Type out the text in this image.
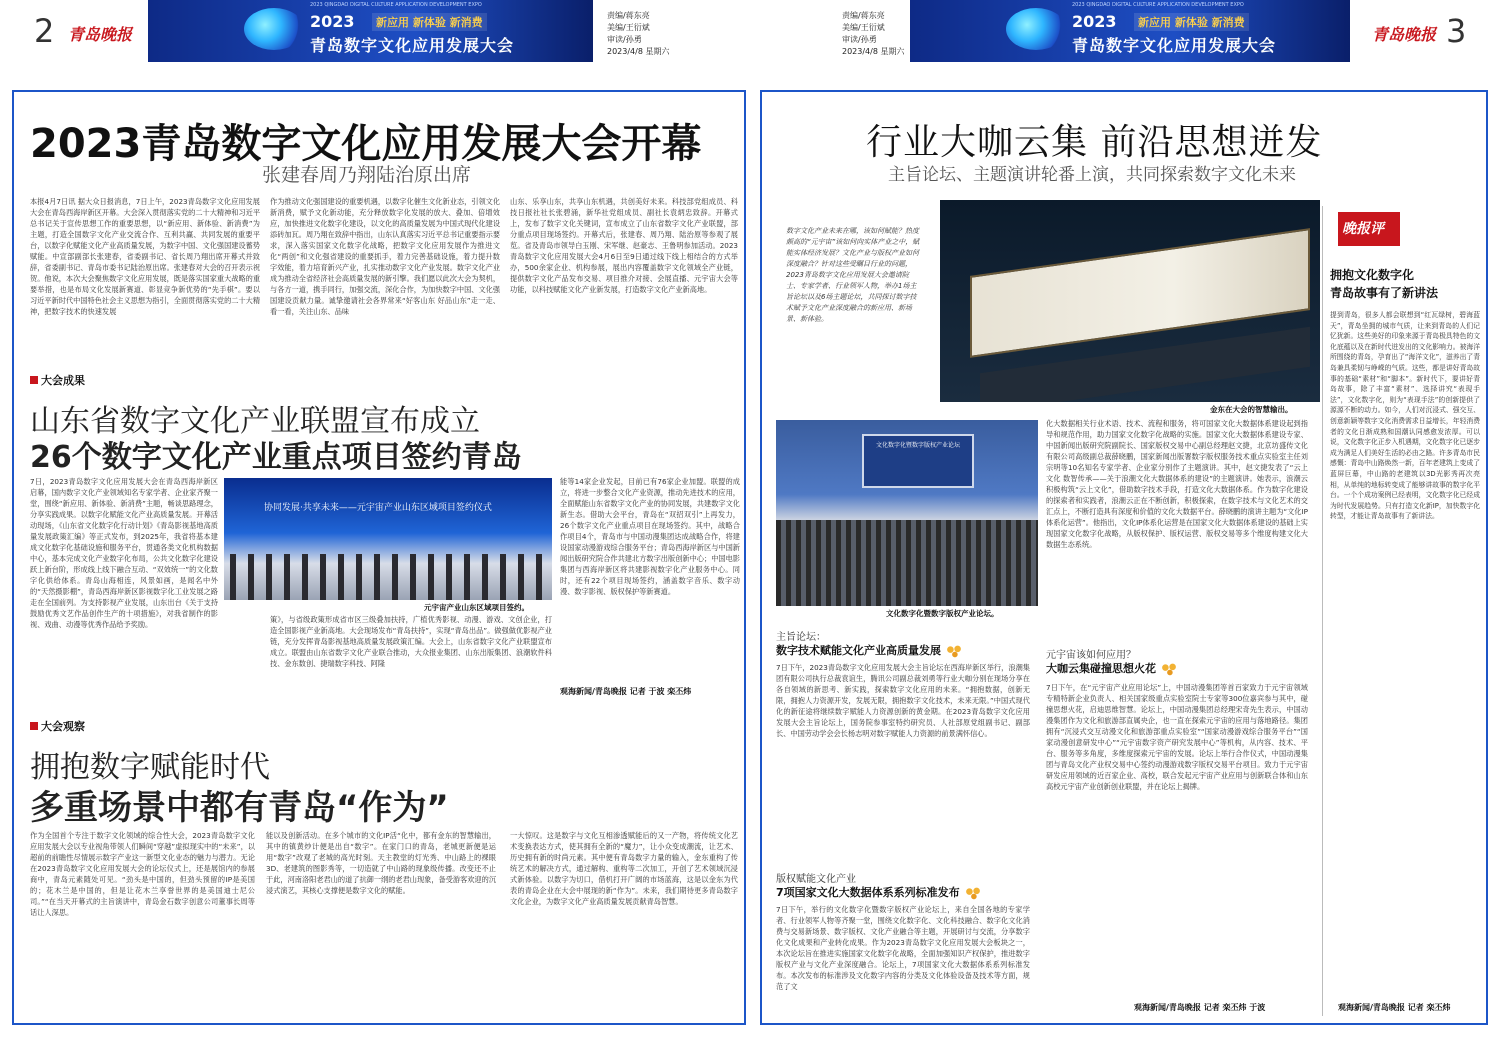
2 青岛晚报
2023 QINGDAO DIGITAL CULTURE APPLICATION DEVELOPMENT EXPO
2023	新应用 新体验 新消费
青岛数字文化应用发展大会
责编/蒋东亮
美编/王衍斌
审读/孙勇
2023/4/8 星期六
责编/蒋东亮
美编/王衍斌
审读/孙勇
2023/4/8 星期六
2023 QINGDAO DIGITAL CULTURE APPLICATION DEVELOPMENT EXPO
2023	新应用 新体验 新消费
青岛数字文化应用发展大会
青岛晚报 3
2023青岛数字文化应用发展大会开幕
张建春周乃翔陆治原出席
本报4月7日讯 据大众日报消息，7日上午，2023青岛数字文化应用发展大会在青岛西海岸新区开幕。大会深入贯彻落实党的二十大精神和习近平总书记关于宣传思想工作的重要思想，以“新应用、新体验、新消费”为主题，打造全国数字文化产业交流合作、互利共赢、共同发展的重要平台，以数字化赋能文化产业高质量发展，为数字中国、文化强国建设蓄势赋能。中宣部副部长张建春，省委副书记、省长周乃翔出席开幕式并致辞，省委副书记、青岛市委书记陆治原出席。张建春对大会的召开表示祝贺。他说，本次大会聚焦数字文化应用发展，既是落实国家重大战略的重要举措，也是布局文化发展新赛道、彰显竞争新优势的“先手棋”。要以习近平新时代中国特色社会主义思想为指引，全面贯彻落实党的二十大精神，把数字技术的快速发展
作为推动文化强国建设的重要机遇，以数字化催生文化新业态，引领文化新消费，赋予文化新动能，充分释放数字化发展的放大、叠加、倍增效应，加快推进文化数字化建设，以文化的高质量发展为中国式现代化建设添砖加瓦。周乃翔在致辞中指出，山东认真落实习近平总书记重要指示要求，深入落实国家文化数字化战略，把数字文化应用发展作为推进文化“两创”和文化强省建设的重要抓手，着力完善基础设施，着力提升数字效能，着力培育新兴产业，扎实推动数字文化产业发展。数字文化产业成为推动全省经济社会高质量发展的新引擎。我们愿以此次大会为契机，与各方一道，携手同行，加强交流，深化合作，为加快数字中国、文化强国建设贡献力量。诚挚邀请社会各界常来“好客山东 好品山东”走一走、看一看，关注山东、品味
山东、乐享山东，共享山东机遇，共创美好未来。科技部党组成员、科技日报社社长张碧涌，新华社党组成员、副社长袁炳忠致辞。开幕式上，发布了数字文化关键词，宣布成立了山东省数字文化产业联盟，部分重点项目现场签约。开幕式后，张建春、周乃翔、陆治原等参观了展览。省及青岛市领导白玉刚、宋军继、赵豪志、王鲁明参加活动。2023青岛数字文化应用发展大会4月6日至9日通过线下线上相结合的方式举办，500余家企业、机构参展，展出内容覆盖数字文化领域全产业链，提供数字文化产品发布交易、项目推介对接、会展直播、元宇宙大会等功能，以科技赋能文化产业新发展，打造数字文化产业新高地。
大会成果
山东省数字文化产业联盟宣布成立
26个数字文化产业重点项目签约青岛
7日，2023青岛数字文化应用发展大会在青岛西海岸新区启幕，国内数字文化产业领域知名专家学者、企业家齐聚一堂，围绕“新应用、新体验、新消费”主题，畅谈思路理念，分享实践成果。以数字化赋能文化产业高质量发展。开幕活动现场，《山东省文化数字化行动计划》《青岛影视基地高质量发展政策汇编》等正式发布，到2025年，我省将基本建成文化数字化基础设施和服务平台，贯通各类文化机构数据中心，基本完成文化产业数字化布局，公共文化数字化建设跃上新台阶，形成线上线下融合互动、“双效统一”的文化数字化供给体系。青岛山海相连，风景如画，是闻名中外的“天然摄影棚”，青岛西海岸新区影视数字化工业发展之路走在全国前列。为支持影视产业发展，山东出台《关于支持鼓励优秀文艺作品创作生产的十项措施》，对我省制作的影视、戏曲、动漫等优秀作品给予奖励。
协同发展·共享未来——元宇宙产业山东区域项目签约仪式
元宇宙产业山东区域项目签约。
策》，与省级政策形成省市区三级叠加扶持，广植优秀影视、动漫、游戏、文创企业，打造全国影视产业新高地。大会现场发布“青岛扶持”，实现“青岛出品”。做强做优影视产业链，充分发挥青岛影视基地高质量发展政策汇编。大会上，山东省数字文化产业联盟宣布成立。联盟由山东省数字文化产业联合推动，大众报业集团、山东出版集团、浪潮软件科技、金东数创、捷瑞数字科技、阿隆
能等14家企业发起，目前已有76家企业加盟。联盟的成立，将进一步整合文化产业资源，推动先进技术的应用，全面赋能山东省数字文化产业的协同发展，共建数字文化新生态。借助大会平台，青岛在“双招双引”上再发力，26个数字文化产业重点项目在现场签约。其中，战略合作项目4个，青岛市与中国动漫集团达成战略合作，将建设国家动漫游戏综合服务平台；青岛西海岸新区与中国新闻出版研究院合作共建北方数字出版创新中心；中国电影集团与西海岸新区将共建影视数字化产业服务中心。同时，还有22个项目现场签约，涵盖数字音乐、数字动漫、数字影视、版权保护等新赛道。
观海新闻/青岛晚报 记者 于波 栾丕炜
大会观察
拥抱数字赋能时代
多重场景中都有青岛“作为”
作为全国首个专注于数字文化领域的综合性大会，2023青岛数字文化应用发展大会以专业视角带领人们瞬间“穿越”虚拟现实中的“未来”，以超前的前瞻性尽情展示数字产业这一新型文化业态的魅力与潜力。无论在2023青岛数字文化应用发展大会的论坛仪式上，还是展馆内的参展商中，青岛元素随处可见。“劲头是中国的，但劲头预留的IP是美国的；花木兰是中国的，但是让花木兰享誉世界的是美国迪士尼公司。”“在当天开幕式的主旨演讲中，青岛金石数字创意公司董事长周等话让人深思。
能以及创新活动。在多个城市的文化IP活“化中，都有金东的智慧输出，其中的镇黄炒计便是出自“数字”。在家门口的青岛，老城更新便是运用“数字”改观了老城的高光时刻。天主教堂的灯光秀、中山路上的裸眼3D、老建筑的图影秀等，一切造就了中山路的现象级传播。改变还不止于此，河南洛阳老君山的道了抗御一纲的老君山现象，备受游客欢迎的沉浸式演艺，其核心支撑便是数字文化的赋能。
一大惊叹。这是数字与文化互相渗透赋能后的又一产物，将传统文化艺术变换表达方式，使其拥有全新的“魔力”，让小众变成潮流，让艺术、历史拥有新的时尚元素。其中便有青岛数字力量的输入，金东重构了传统艺术的解决方式，通过解构、重构等二次加工，开创了艺术领域沉浸式新体验。以数字为切口，借机打开广阔的市场蓝海，这是以金东为代表的青岛企业在大会中展现的新“作为”。未来，我们期待更多青岛数字文化企业，为数字文化产业高质量发展贡献青岛智慧。
行业大咖云集 前沿思想迸发
主旨论坛、主题演讲轮番上演，共同探索数字文化未来
数字文化产业未来在哪，该如何赋能？热度颇高的“元宇宙”该如何向实体产业之中，赋能实体经济发展？文化产业与版权产业如何深度融合？针对这些受瞩目行业的问题，2023青岛数字文化应用发展大会邀请院士、专家学者、行业领军人物，举办1场主旨论坛以及6场主题论坛，共同探讨数字技术赋予文化产业深度融合的新应用、新场景、新体验。
金东在大会的智慧输出。
文化数字化暨数字版权产业论坛
文化数字化暨数字版权产业论坛。
化大数据相关行业术语、技术、流程和服务，将可国家文化大数据体系建设起到指导和规范作用，助力国家文化数字化战略的实施。国家文化大数据体系建设专家、中国新闻出版研究院副院长、国家版权交易中心副总经理赵文捷，北京坊盛传文化有限公司高级副总裁薛晓鹏，国家新闻出版署数字版权服务技术重点实验室主任刘宗明等10名知名专家学者、企业家分别作了主题演讲。其中，赵文捷发表了“云上文化 数智传承——关于浪潮文化大数据体系的建设”的主题演讲。她表示，浪潮云积极构筑“云上文化”，借助数字技术手段，打造文化大数据体系。作为数字化建设的探索者和实践者，浪潮云正在不断创新，积极探索，在数字技术与文化艺术的交汇点上，不断打造具有深度和价值的文化大数据平台。薛晓鹏的演讲主题为“文化IP体系化运营”。他指出，文化IP体系化运营是在国家文化大数据体系建设的基础上实现国家文化数字化战略，从版权保护、版权运营、版权交易等多个维度构建文化大数据生态系统。
主旨论坛：
数字技术赋能文化产业高质量发展
7日下午，2023青岛数字文化应用发展大会主旨论坛在西海岸新区举行，浪潮集团有限公司执行总裁袁谊生，腾讯公司副总裁刘勇等行业大咖分别在现场分享在各自领域的新思考、新实践，探索数字文化应用的未来。“拥抱数据，创新无限，拥抱人力资源开发，发展无限，拥抱数字文化技术，未来无限。”中国式现代化的新征途将继续数字赋能人力资源创新的黄金期。在2023青岛数字文化应用发展大会主旨论坛上，国务院参事室特约研究员、人社部原党组副书记、副部长、中国劳动学会会长杨志明对数字赋能人力资源的前景满怀信心。
版权赋能文化产业
7项国家文化大数据体系系列标准发布
7日下午，举行的文化数字化暨数字版权产业论坛上，来自全国各地的专家学者、行业领军人物等齐聚一堂，围绕文化数字化、文化科技融合、数字化文化消费与交易新场景、数字版权、文化产业融合等主题，开展研讨与交流，分享数字化文化成果和产业转化成果。作为2023青岛数字文化应用发展大会板块之一，本次论坛旨在推进实施国家文化数字化战略，全面加强知识产权保护，推进数字版权产业与文化产业深度融合。论坛上，7项国家文化大数据体系系列标准发布。本次发布的标准涉及文化数字内容的分类及文化体验设备及技术等方面，规范了文
元宇宙该如何应用？
大咖云集碰撞思想火花
7日下午，在“元宇宙产业应用论坛”上，中国动漫集团等首百家致力于元宇宙领域专精特新企业负责人、相关国家级重点实验室院士专家等300位嘉宾参与其中，碰撞思想火花，启迪思维智慧。论坛上，中国动漫集团总经理宋奇先生表示，中国动漫集团作为文化和旅游部直属央企，也一直在探索元宇宙的应用与落地路径。集团拥有“沉浸式交互动漫文化和旅游部重点实验室”“国家动漫游戏综合服务平台”“国家动漫创意研发中心”“元宇宙数字资产研究发展中心”等机构，从内容、技术、平台、服务等多角度，多维度探索元宇宙的发展。论坛上举行合作仪式，中国动漫集团与青岛文化产业权交易中心签约动漫游戏数字版权交易平台项目。致力于元宇宙研发应用领域的近百家企业、高校，联合发起元宇宙产业应用与创新联合体和山东高校元宇宙产业创新创业联盟，并在论坛上揭牌。
观海新闻/青岛晚报 记者 栾丕炜 于波
晚报评
拥抱文化数字化
青岛故事有了新讲法
提到青岛，很多人都会联想到“红瓦绿树，碧海蓝天”，青岛坐拥的城市气质，让来到青岛的人们记忆犹新。这些美好的印象来源于青岛极具特色的文化底蕴以及在新时代迸发出的文化影响力。被海洋所围绕的青岛，孕育出了“海洋文化”，滋养出了青岛兼具柔韧与峥嵘的气质。这些，都是讲好青岛故事的基础“素材”和“脚本”。新时代下，要讲好青岛故事，除了丰富“素材”、选择讲究“表现手法”，文化数字化，则为“表现手法”的创新提供了源源不断的动力。如今，人们对沉浸式、强交互、创意新颖等数字文化消费需求日益增长，年轻消费者的文化日渐成熟和国潮认同感愈发浓厚。可以说，文化数字化正步入机遇期，文化数字化已逐步成为满足人们美好生活的必由之路。许多青岛市民感慨：青岛中山路焕然一新，百年老建筑上变成了蓝屏巨幕，中山路的老建筑以3D光影秀再次亮相，从单纯的地标转变成了能够讲故事的数字化平台。一个个成功案例已经表明，文化数字化已经成为时代发展趋势。只有打造文化新IP，加快数字化转型，才能让青岛故事有了新讲法。
观海新闻/青岛晚报 记者 栾丕炜
